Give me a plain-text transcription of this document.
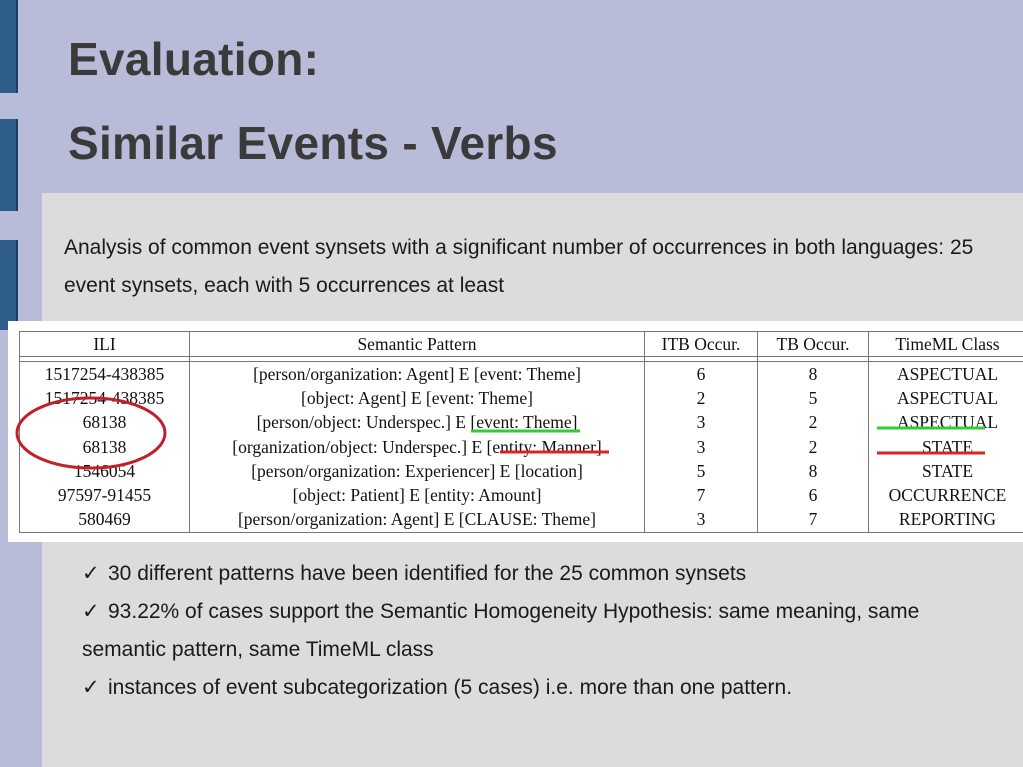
Evaluation:
Similar Events - Verbs

Analysis of common event synsets with a significant number of occurrences in both languages: 25 event synsets, each with 5 occurrences at least

ILI	Semantic Pattern	ITB Occur.	TB Occur.	TimeML Class

1517254-438385	[person/organization: Agent] E [event: Theme]	6	8	ASPECTUAL
1517254-438385	[object: Agent] E [event: Theme]	2	5	ASPECTUAL
68138	[person/object: Underspec.] E [event: Theme]	3	2	ASPECTUAL
68138	[organization/object: Underspec.] E [entity: Manner]	3	2	STATE
1546054	[person/organization: Experiencer] E [location]	5	8	STATE
97597-91455	[object: Patient] E [entity: Amount]	7	6	OCCURRENCE
580469	[person/organization: Agent] E [CLAUSE: Theme]	3	7	REPORTING
✓ 30 different patterns have been identified for the 25 common synsets
✓ 93.22% of cases support the Semantic Homogeneity Hypothesis: same meaning, same semantic pattern, same TimeML class
✓ instances of event subcategorization (5 cases) i.e. more than one pattern.
